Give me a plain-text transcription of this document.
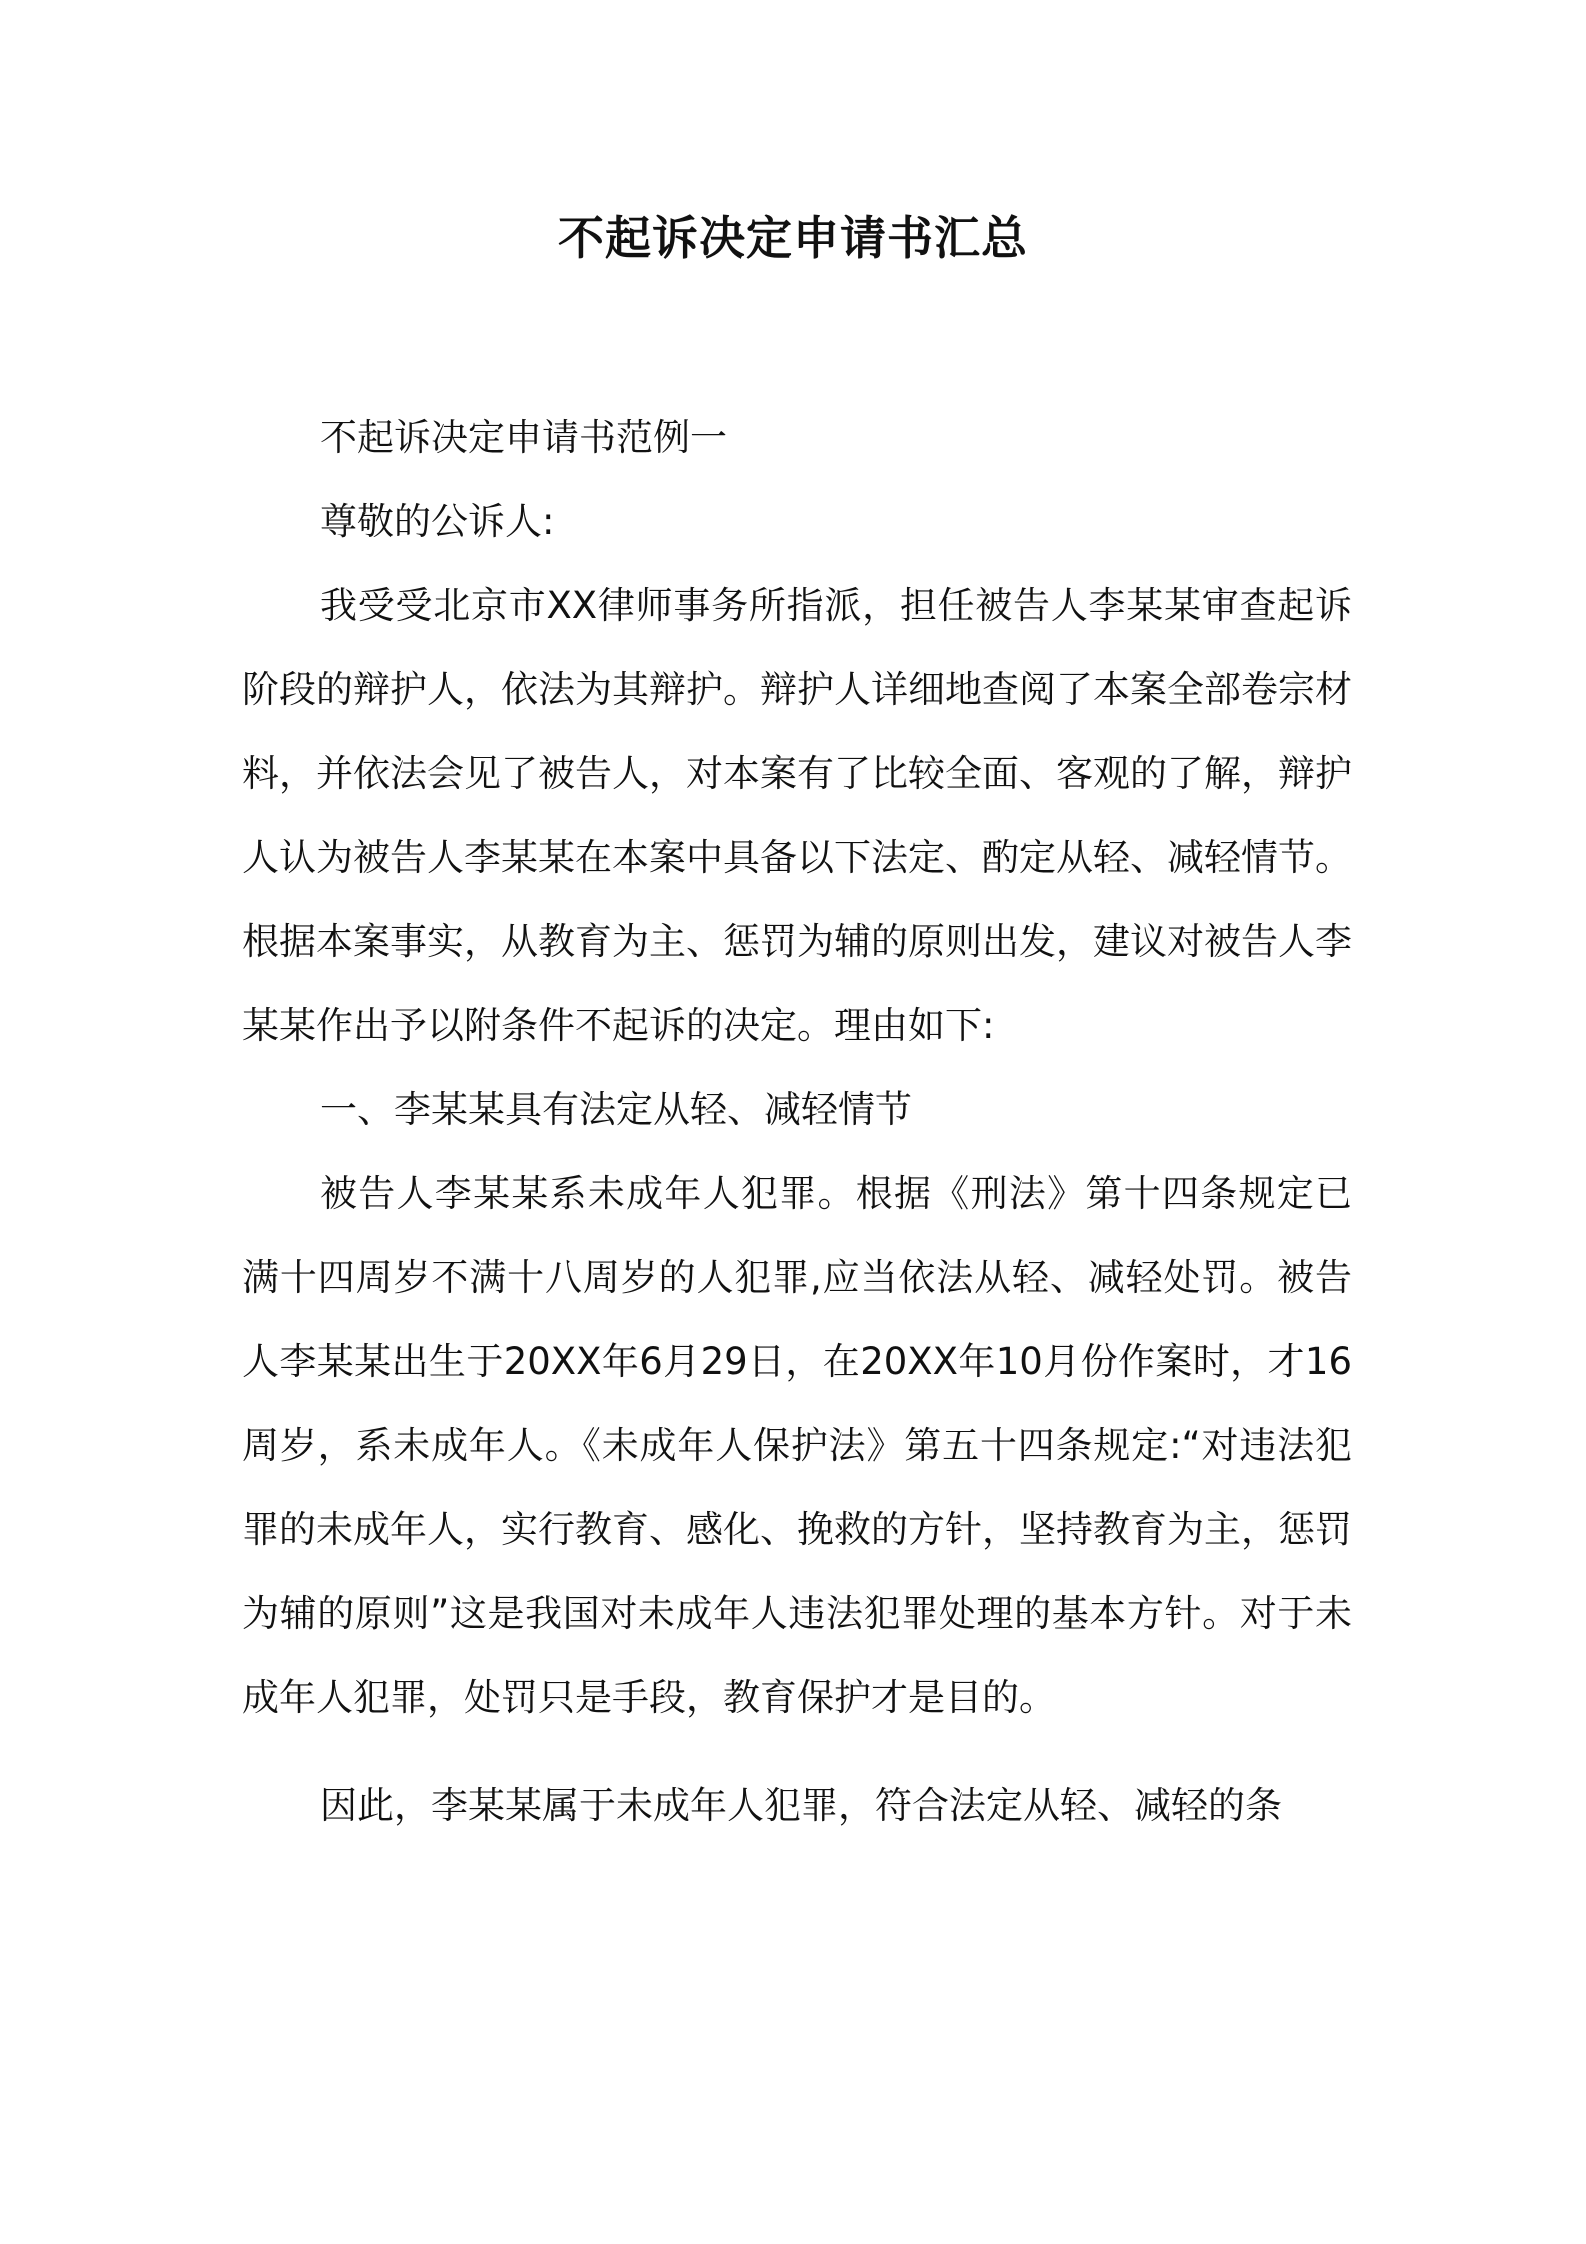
不起诉决定申请书汇总

不起诉决定申请书范例一

尊敬的公诉人:

我受受北京市XX律师事务所指派，担任被告人李某某审查起诉阶段的辩护人，依法为其辩护。辩护人详细地查阅了本案全部卷宗材料，并依法会见了被告人，对本案有了比较全面、客观的了解，辩护人认为被告人李某某在本案中具备以下法定、酌定从轻、减轻情节。根据本案事实，从教育为主、惩罚为辅的原则出发，建议对被告人李某某作出予以附条件不起诉的决定。理由如下:

一、李某某具有法定从轻、减轻情节

被告人李某某系未成年人犯罪。根据《刑法》第十四条规定已满十四周岁不满十八周岁的人犯罪,应当依法从轻、减轻处罚。被告人李某某出生于20XX年6月29日，在20XX年10月份作案时，才16周岁，系未成年人。《未成年人保护法》第五十四条规定:“对违法犯罪的未成年人，实行教育、感化、挽救的方针，坚持教育为主，惩罚为辅的原则”这是我国对未成年人违法犯罪处理的基本方针。对于未成年人犯罪，处罚只是手段，教育保护才是目的。

因此，李某某属于未成年人犯罪，符合法定从轻、减轻的条
